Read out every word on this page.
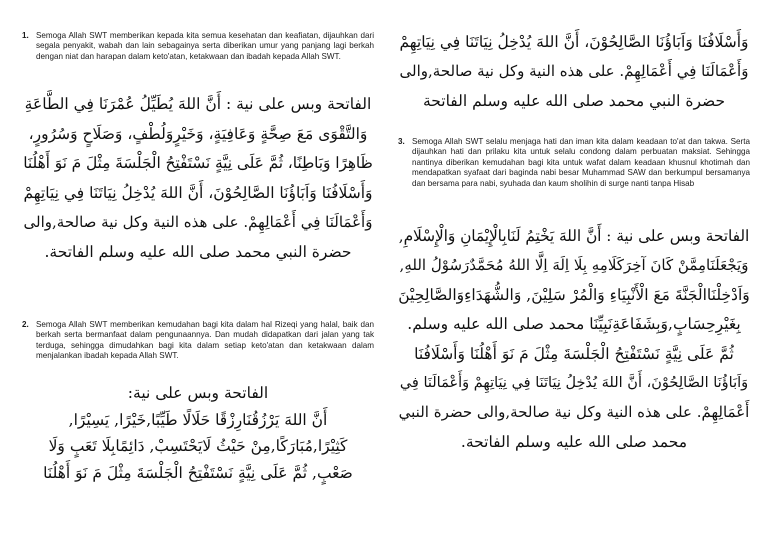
1. Semoga Allah SWT memberikan kepada kita semua kesehatan dan keafiatan, dijauhkan dari segala penyakit, wabah dan lain sebagainya serta diberikan umur yang panjang lagi berkah dengan niat dan harapan dalam keto'atan, ketakwaan dan ibadah kepada Allah SWT.

الفاتحة وبس على نية : أَنَّ اللهَ يُطَيِّلُ عُمْرَنَا فِي الطَّاعَةِ

وَالتَّقْوَى مَعَ صِحَّةٍ وَعَافِيَةٍ، وَخَيْرٍوَلُطْفٍ، وَصَلَاحٍ وَسُرُورٍ،

ظَاهِرًا وَبَاطِنًا، ثُمَّ عَلَى نِيَّةٍ نَسْتَفْتِحُ الْجَلْسَةَ مِثْلَ مَ نَوَ أَهْلُنَا

وَأَسْلَافُنَا وَاَبَاؤُنَا الصَّالِحُوْنَ، أَنَّ اللهَ يُدْخِلُ نِيَاتَنَا فِي نِيَاتِهِمْ

وَأَعْمَالَنَا فِي أَعْمَالِهِمْ. على هذه النية وكل نية صالحة,والى

حضرة النبي محمد صلى الله عليه وسلم الفاتحة.

2. Semoga Allah SWT memberikan kemudahan bagi kita dalam hal Rizeqi yang halal, baik dan berkah serta bermanfaat dalam pengunaannya. Dan mudah didapatkan dari jalan yang tak terduga, sehingga dimudahkan bagi kita dalam setiap keto'atan dan ketakwaan dalam menjalankan ibadah kepada Allah SWT.

الفاتحة وبس على نية:

أَنَّ اللهَ يَرْزُقُنَارِزْقًا حَلَالًا طَيِّبًا,خَيْرًا, يَسِيْرًا,

كَثِيْرًا,مُبَارَكًا,مِنْ حَيْثُ لَايَحْتَسِبْ, دَائِمًابِلَا تَعَبٍ وَلَا

صَعْبٍ, ثُمَّ عَلَى نِيَّةٍ نَسْتَفْتِحُ الْجَلْسَةَ مِثْلَ مَ نَوَ أَهْلُنَا

وَأَسْلَافُنَا وَاَبَاؤُنَا الصَّالِحُوْنَ، أَنَّ اللهَ يُدْخِلُ نِيَاتَنَا فِي نِيَاتِهِمْ

وَأَعْمَالَنَا فِي أَعْمَالِهِمْ. على هذه النية وكل نية صالحة,والى

حضرة النبي محمد صلى الله عليه وسلم الفاتحة

3. Semoga Allah SWT selalu menjaga hati dan iman kita dalam keadaan to'at dan takwa. Serta dijauhkan hati dan prilaku kita untuk selalu condong dalam perbuatan maksiat. Sehingga nantinya diberikan kemudahan bagi kita untuk wafat dalam keadaan khusnul khotimah dan mendapatkan syafaat dari baginda nabi besar Muhammad SAW dan berkumpul bersamanya dan bersama para nabi, syuhada dan kaum sholihin di surge nanti tanpa Hisab

الفاتحة وبس على نية : أَنَّ اللهَ يَخْتِمُ لَنَابِالْإِيْمَانِ وَالْإِسْلَامِ,

وَيَجْعَلَنَامِمَّنْ كَانَ آخِرَكَلَامِهِ بِلَا اِلَهَ اِلَّا اللهُ مُحَمَّدٌرَسُوْلُ اللهِ,

وَاَدْخِلْنَاالْجَنَّةَ مَعَ الْأَنْبِيَاءِ وَالْمُرْ سَلِيْنَ, وَالشُّهَدَاءِوَالصَّالِحِيْنَ

بِغَيْرِحِسَابٍ,وَبِشَفَاعَةِنَبِيِّنَا محمد صلى الله عليه وسلم.

ثُمَّ عَلَى نِيَّةٍ نَسْتَفْتِحُ الْجَلْسَةَ مِثْلَ مَ نَوَ أَهْلُنَا وَأَسْلَافُنَا

وَاَبَاؤُنَا الصَّالِحُوْنَ، أَنَّ اللهَ يُدْخِلُ نِيَاتَنَا فِي نِيَاتِهِمْ وَأَعْمَالَنَا فِي

أَعْمَالِهِمْ. على هذه النية وكل نية صالحة,والى حضرة النبي

محمد صلى الله عليه وسلم الفاتحة.
